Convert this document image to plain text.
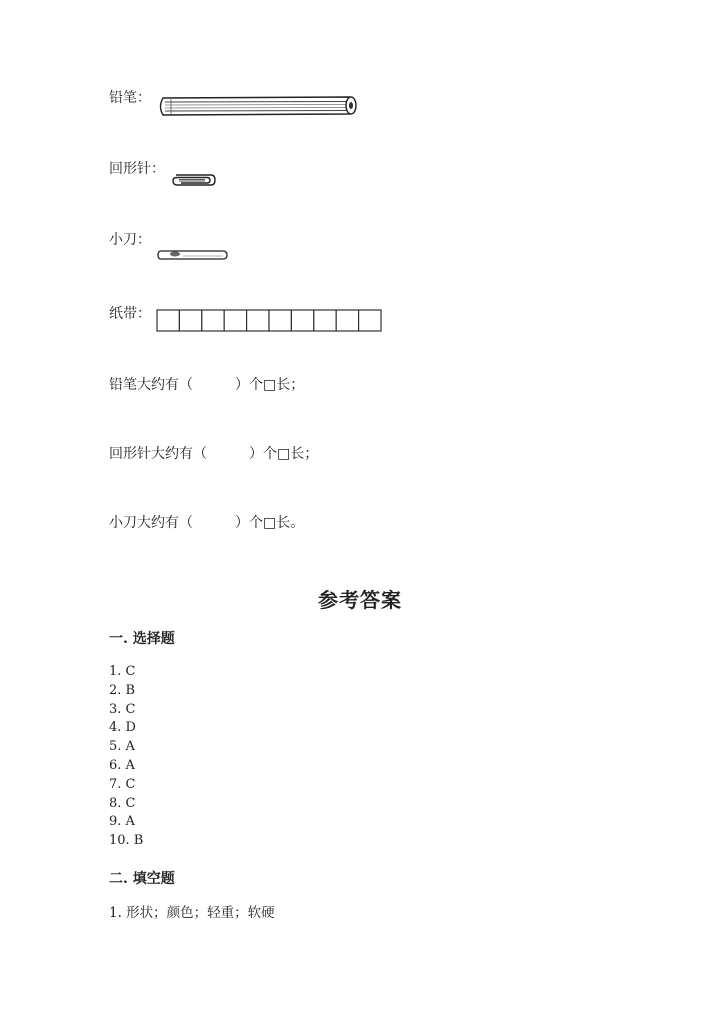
铅笔：
回形针：
小刀：
纸带：
铅笔大约有（　　　）个□长；
回形针大约有（　　　）个□长；
小刀大约有（　　　）个□长。
参考答案
一. 选择题
1. C
2. B
3. C
4. D
5. A
6. A
7. C
8. C
9. A
10. B
二. 填空题
1. 形状；颜色；轻重；软硬
